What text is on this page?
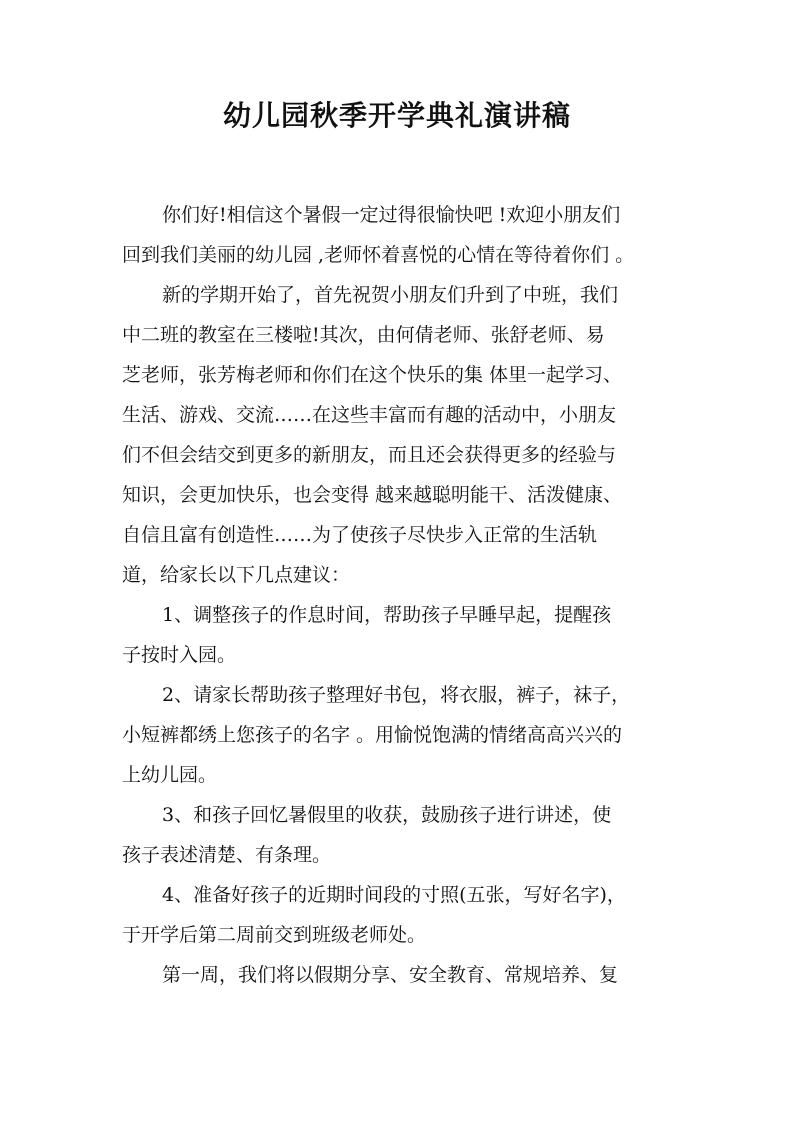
幼儿园秋季开学典礼演讲稿
你们好!相信这个暑假一定过得很愉快吧 !欢迎小朋友们
回到我们美丽的幼儿园 ,老师怀着喜悦的心情在等待着你们 。
新的学期开始了，首先祝贺小朋友们升到了中班，我们
中二班的教室在三楼啦!其次，由何倩老师、张舒老师、易
芝老师，张芳梅老师和你们在这个快乐的集 体里一起学习、
生活、游戏、交流……在这些丰富而有趣的活动中，小朋友
们不但会结交到更多的新朋友，而且还会获得更多的经验与
知识，会更加快乐，也会变得 越来越聪明能干、活泼健康、
自信且富有创造性……为了使孩子尽快步入正常的生活轨
道，给家长以下几点建议：
1、调整孩子的作息时间，帮助孩子早睡早起，提醒孩
子按时入园。
2、请家长帮助孩子整理好书包，将衣服，裤子，袜子，
小短裤都绣上您孩子的名字 。用愉悦饱满的情绪高高兴兴的
上幼儿园。
3、和孩子回忆暑假里的收获，鼓励孩子进行讲述，使
孩子表述清楚、有条理。
4、准备好孩子的近期时间段的寸照(五张，写好名字)，
于开学后第二周前交到班级老师处。
第一周，我们将以假期分享、安全教育、常规培养、复
